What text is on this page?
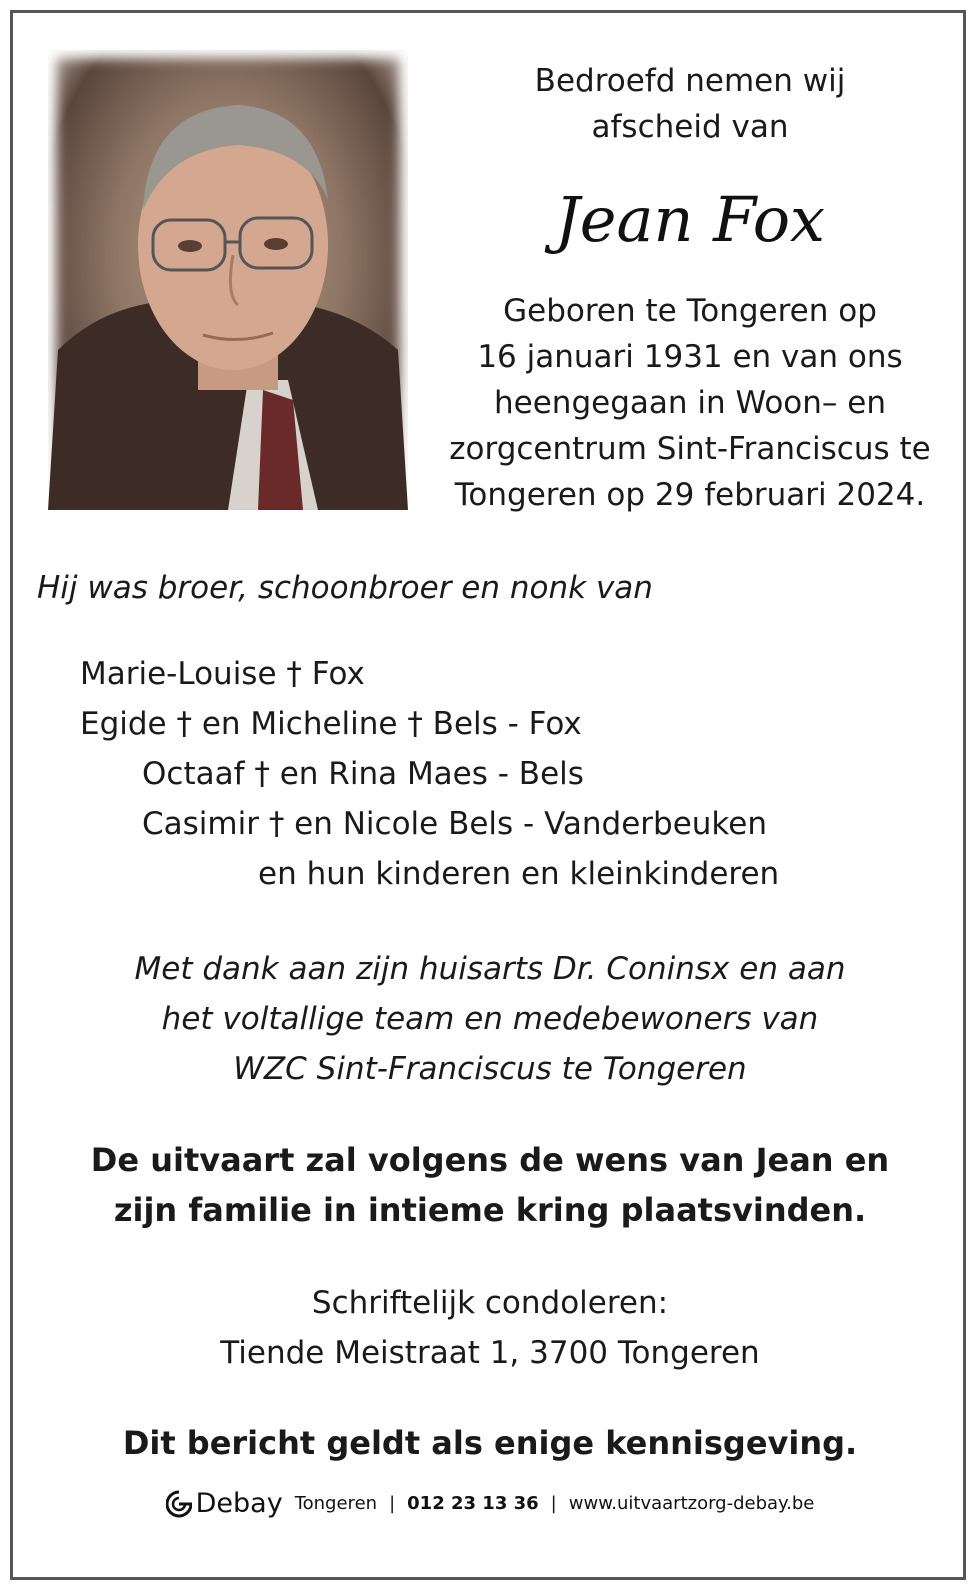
Bedroefd nemen wij
afscheid van
Jean Fox
Geboren te Tongeren op
16 januari 1931 en van ons
heengegaan in Woon– en
zorgcentrum Sint-Franciscus te
Tongeren op 29 februari 2024.
Hij was broer, schoonbroer en nonk van
Marie-Louise † Fox
Egide † en Micheline † Bels - Fox
Octaaf † en Rina Maes - Bels
Casimir † en Nicole Bels - Vanderbeuken
en hun kinderen en kleinkinderen
Met dank aan zijn huisarts Dr. Coninsx en aan
het voltallige team en medebewoners van
WZC Sint-Franciscus te Tongeren
De uitvaart zal volgens de wens van Jean en
zijn familie in intieme kring plaatsvinden.
Schriftelijk condoleren:
Tiende Meistraat 1, 3700 Tongeren
Dit bericht geldt als enige kennisgeving.
Debay Tongeren | 012 23 13 36 | www.uitvaartzorg-debay.be
